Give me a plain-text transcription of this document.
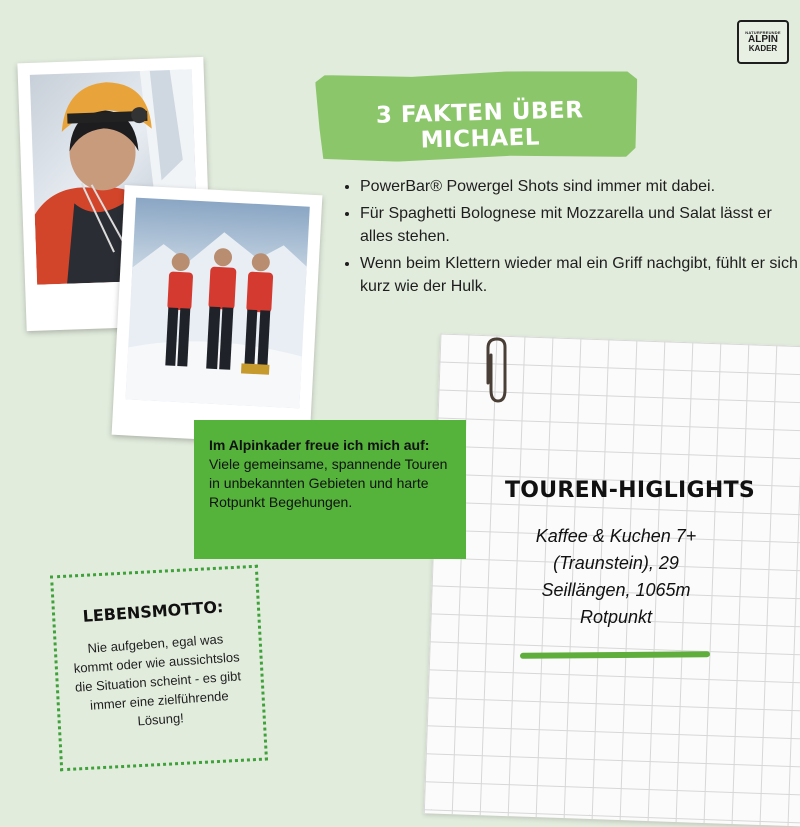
NATURFREUNDE
ALPIN
KADER
3 FAKTEN ÜBER MICHAEL
• PowerBar® Powergel Shots sind immer mit dabei.
• Für Spaghetti Bolognese mit Mozzarella und Salat lässt er alles stehen.
• Wenn beim Klettern wieder mal ein Griff nachgibt, fühlt er sich kurz wie der Hulk.
TOUREN-HIGLIGHTS
Kaffee & Kuchen 7+ (Traunstein), 29 Seillängen, 1065m Rotpunkt
Im Alpinkader freue ich mich auf: Viele gemeinsame, spannende Touren in unbekannten Gebieten und harte Rotpunkt Begehungen.
LEBENSMOTTO:
Nie aufgeben, egal was kommt oder wie aussichtslos die Situation scheint - es gibt immer eine zielführende Lösung!
